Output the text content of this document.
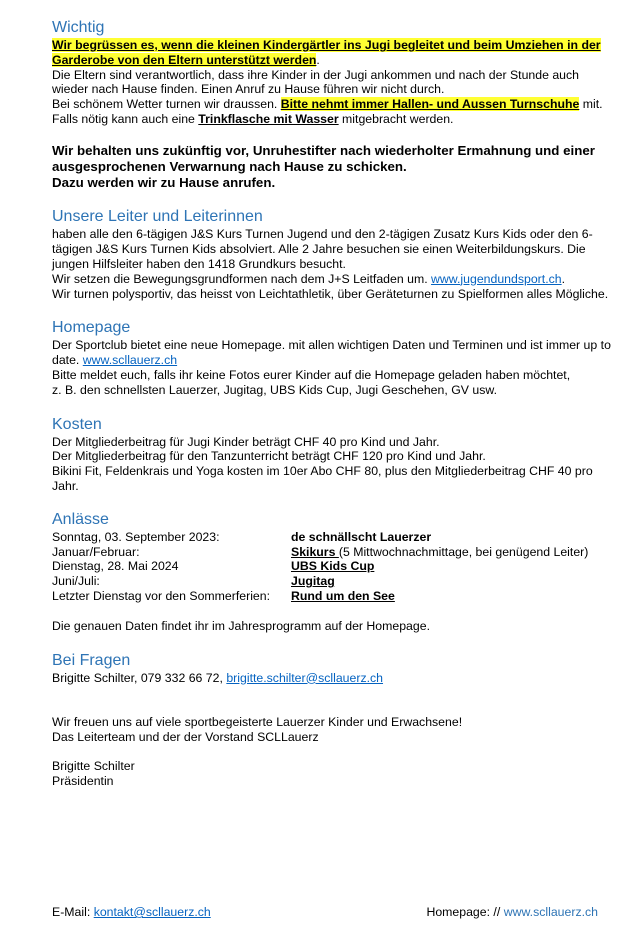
Wichtig

Wir begrüssen es, wenn die kleinen Kindergärtler ins Jugi begleitet und beim Umziehen in der Garderobe von den Eltern unterstützt werden.

Die Eltern sind verantwortlich, dass ihre Kinder in der Jugi ankommen und nach der Stunde auch wieder nach Hause finden. Einen Anruf zu Hause führen wir nicht durch.

Bei schönem Wetter turnen wir draussen. Bitte nehmt immer Hallen- und Aussen Turnschuhe mit. Falls nötig kann auch eine Trinkflasche mit Wasser mitgebracht werden.

Wir behalten uns zukünftig vor, Unruhestifter nach wiederholter Ermahnung und einer ausgesprochenen Verwarnung nach Hause zu schicken.

Dazu werden wir zu Hause anrufen.

Unsere Leiter und Leiterinnen

haben alle den 6-tägigen J&S Kurs Turnen Jugend und den 2-tägigen Zusatz Kurs Kids oder den 6-tägigen J&S Kurs Turnen Kids absolviert. Alle 2 Jahre besuchen sie einen Weiterbildungskurs. Die jungen Hilfsleiter haben den 1418 Grundkurs besucht.

Wir setzen die Bewegungsgrundformen nach dem J+S Leitfaden um. www.jugendundsport.ch.

Wir turnen polysportiv, das heisst von Leichtathletik, über Geräteturnen zu Spielformen alles Mögliche.

Homepage

Der Sportclub bietet eine neue Homepage. mit allen wichtigen Daten und Terminen und ist immer up to date. www.scllauerz.ch

Bitte meldet euch, falls ihr keine Fotos eurer Kinder auf die Homepage geladen haben möchtet,

z. B. den schnellsten Lauerzer, Jugitag, UBS Kids Cup, Jugi Geschehen, GV usw.

Kosten

Der Mitgliederbeitrag für Jugi Kinder beträgt CHF 40 pro Kind und Jahr.

Der Mitgliederbeitrag für den Tanzunterricht beträgt CHF 120 pro Kind und Jahr.

Bikini Fit, Feldenkrais und Yoga kosten im 10er Abo CHF 80, plus den Mitgliederbeitrag CHF 40 pro Jahr.

Anlässe
Sonntag, 03. September 2023:	de schnällscht Lauerzer
Januar/Februar:	Skikurs (5 Mittwochnachmittage, bei genügend Leiter)
Dienstag, 28. Mai 2024	UBS Kids Cup
Juni/Juli:	Jugitag
Letzter Dienstag vor den Sommerferien:	Rund um den See

Die genauen Daten findet ihr im Jahresprogramm auf der Homepage.

Bei Fragen

Brigitte Schilter, 079 332 66 72, brigitte.schilter@scllauerz.ch

Wir freuen uns auf viele sportbegeisterte Lauerzer Kinder und Erwachsene!

Das Leiterteam und der der Vorstand SCLLauerz

Brigitte Schilter

Präsidentin

E-Mail: kontakt@scllauerz.ch	Homepage: // www.scllauerz.ch
